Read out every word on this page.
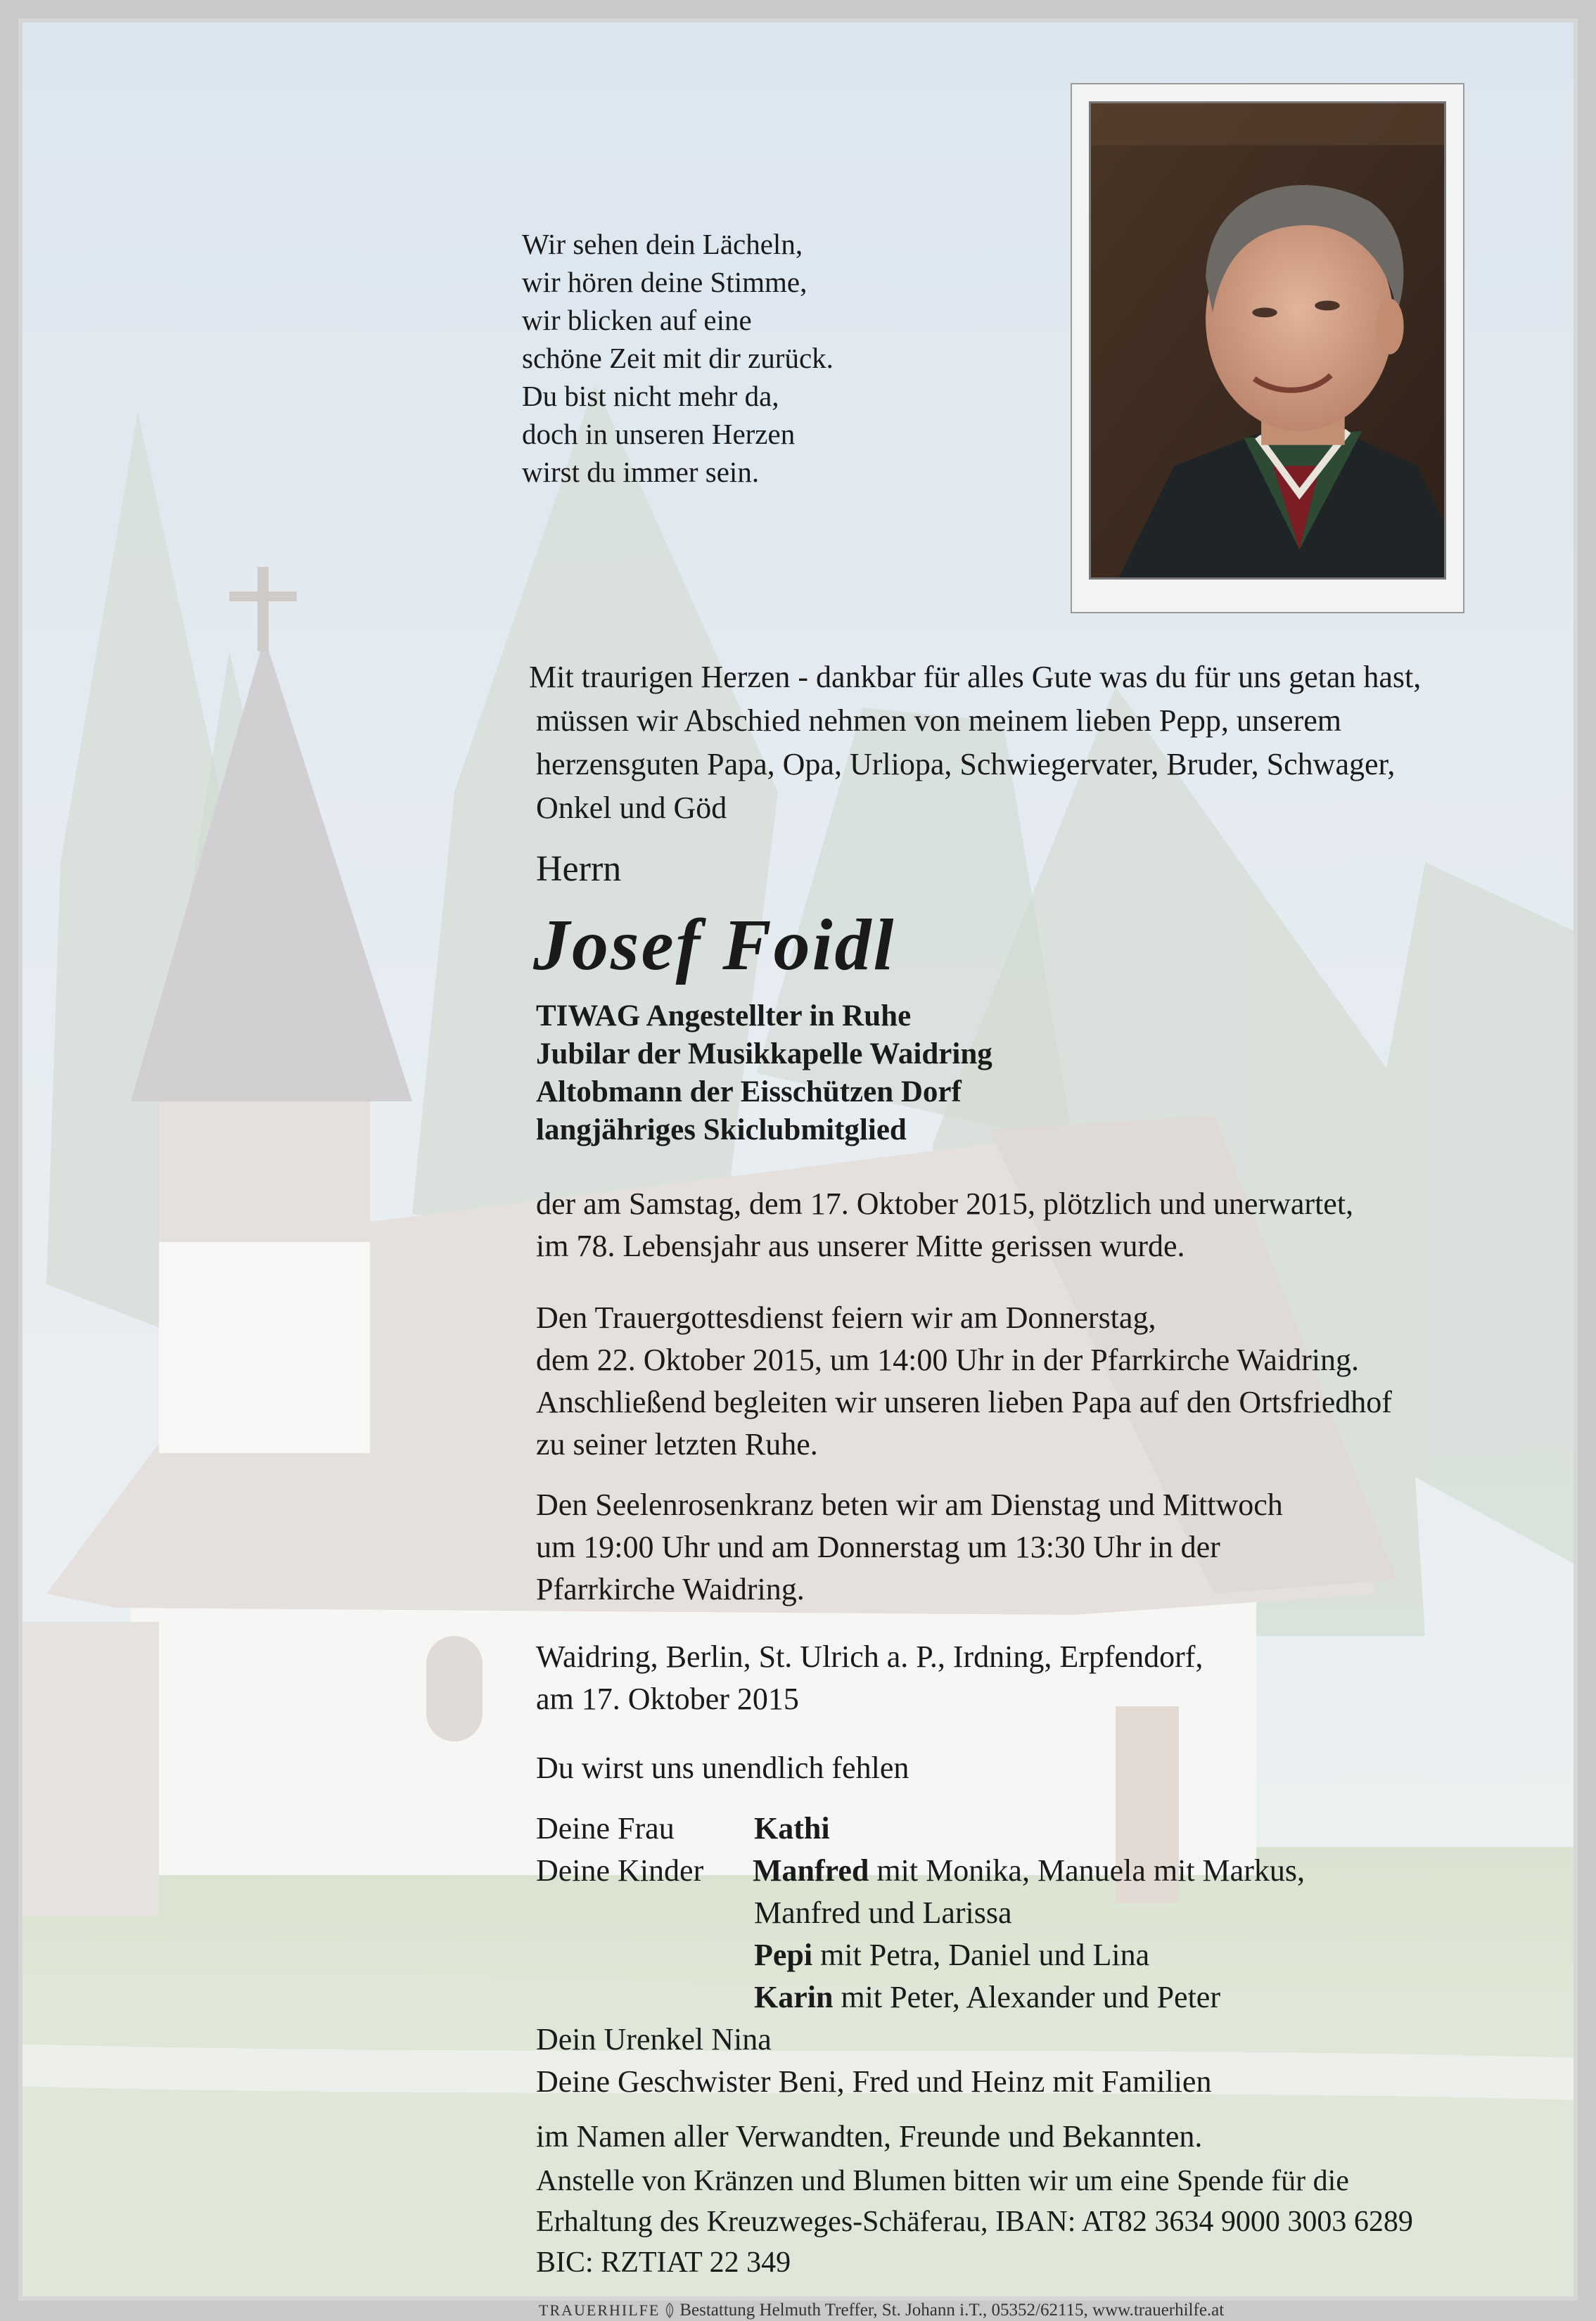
Wir sehen dein Lächeln,
wir hören deine Stimme,
wir blicken auf eine
schöne Zeit mit dir zurück.
Du bist nicht mehr da,
doch in unseren Herzen
wirst du immer sein.
Mit traurigen Herzen - dankbar für alles Gute was du für uns getan hast,
müssen wir Abschied nehmen von meinem lieben Pepp, unserem
herzensguten Papa, Opa, Urliopa, Schwiegervater, Bruder, Schwager,
Onkel und Göd
Herrn
Josef Foidl
TIWAG Angestellter in Ruhe
Jubilar der Musikkapelle Waidring
Altobmann der Eisschützen Dorf
langjähriges Skiclubmitglied
der am Samstag, dem 17. Oktober 2015, plötzlich und unerwartet,
im 78. Lebensjahr aus unserer Mitte gerissen wurde.
Den Trauergottesdienst feiern wir am Donnerstag,
dem 22. Oktober 2015, um 14:00 Uhr in der Pfarrkirche Waidring.
Anschließend begleiten wir unseren lieben Papa auf den Ortsfriedhof
zu seiner letzten Ruhe.
Den Seelenrosenkranz beten wir am Dienstag und Mittwoch
um 19:00 Uhr und am Donnerstag um 13:30 Uhr in der
Pfarrkirche Waidring.
Waidring, Berlin, St. Ulrich a. P., Irdning, Erpfendorf,
am 17. Oktober 2015
Du wirst uns unendlich fehlen
Deine Frau	Kathi
Deine Kinder Manfred mit Monika, Manuela mit Markus,
Manfred und Larissa
Pepi mit Petra, Daniel und Lina
Karin mit Peter, Alexander und Peter
Dein Urenkel Nina
Deine Geschwister Beni, Fred und Heinz mit Familien
im Namen aller Verwandten, Freunde und Bekannten.
Anstelle von Kränzen und Blumen bitten wir um eine Spende für die
Erhaltung des Kreuzweges-Schäferau, IBAN: AT82 3634 9000 3003 6289
BIC: RZTIAT 22 349
TRAUERHILFE Bestattung Helmuth Treffer, St. Johann i.T., 05352/62115, www.trauerhilfe.at
